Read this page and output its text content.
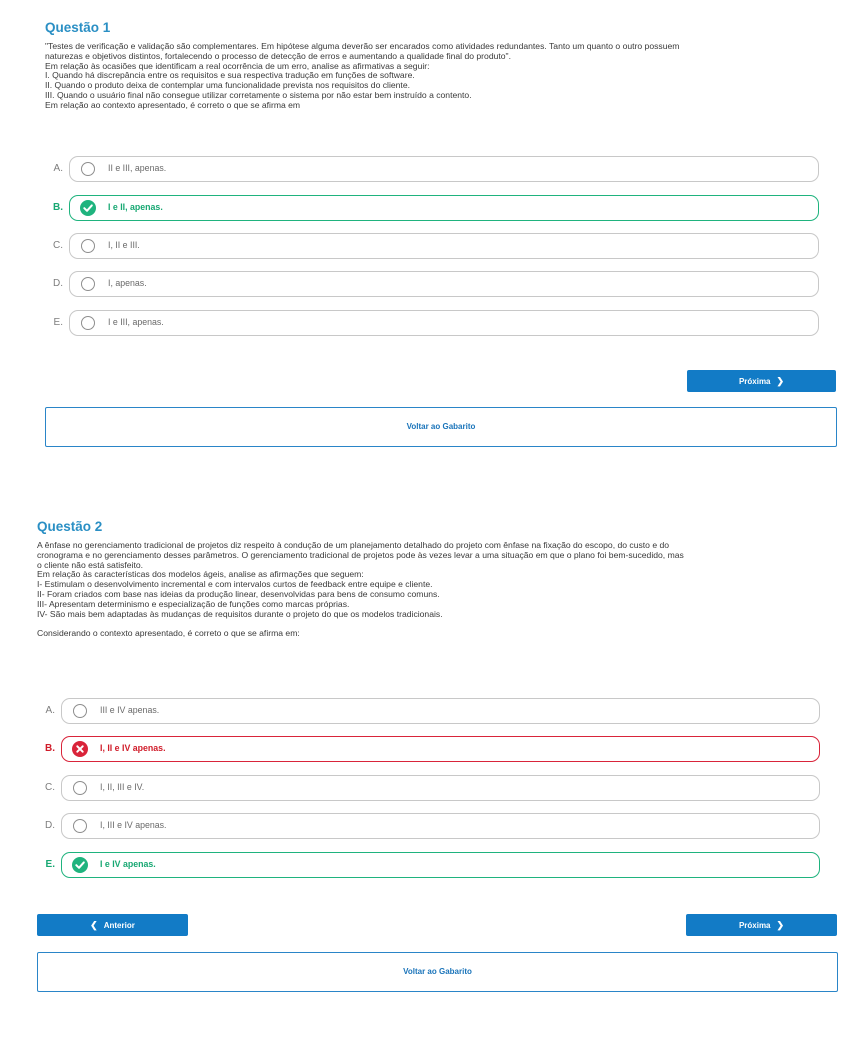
Questão 1

"Testes de verificação e validação são complementares. Em hipótese alguma deverão ser encarados como atividades redundantes. Tanto um quanto o outro possuem

naturezas e objetivos distintos, fortalecendo o processo de detecção de erros e aumentando a qualidade final do produto".

Em relação às ocasiões que identificam a real ocorrência de um erro, analise as afirmativas a seguir:

I. Quando há discrepância entre os requisitos e sua respectiva tradução em funções de software.

II. Quando o produto deixa de contemplar uma funcionalidade prevista nos requisitos do cliente.

III. Quando o usuário final não consegue utilizar corretamente o sistema por não estar bem instruído a contento.

Em relação ao contexto apresentado, é correto o que se afirma em

A.	II e III, apenas.
B.	I e II, apenas.
C.	I, II e III.
D.	I, apenas.
E.	I e III, apenas.
Próxima ❯
Voltar ao Gabarito
Questão 2

A ênfase no gerenciamento tradicional de projetos diz respeito à condução de um planejamento detalhado do projeto com ênfase na fixação do escopo, do custo e do

cronograma e no gerenciamento desses parâmetros. O gerenciamento tradicional de projetos pode às vezes levar a uma situação em que o plano foi bem-sucedido, mas

o cliente não está satisfeito.

Em relação às características dos modelos ágeis, analise as afirmações que seguem:

I- Estimulam o desenvolvimento incremental e com intervalos curtos de feedback entre equipe e cliente.

II- Foram criados com base nas ideias da produção linear, desenvolvidas para bens de consumo comuns.

III- Apresentam determinismo e especialização de funções como marcas próprias.

IV- São mais bem adaptadas às mudanças de requisitos durante o projeto do que os modelos tradicionais.

Considerando o contexto apresentado, é correto o que se afirma em:

A.	III e IV apenas.
B.	I, II e IV apenas.
C.	I, II, III e IV.
D.	I, III e IV apenas.
E.	I e IV apenas.
❮ Anterior	Próxima ❯
Voltar ao Gabarito
